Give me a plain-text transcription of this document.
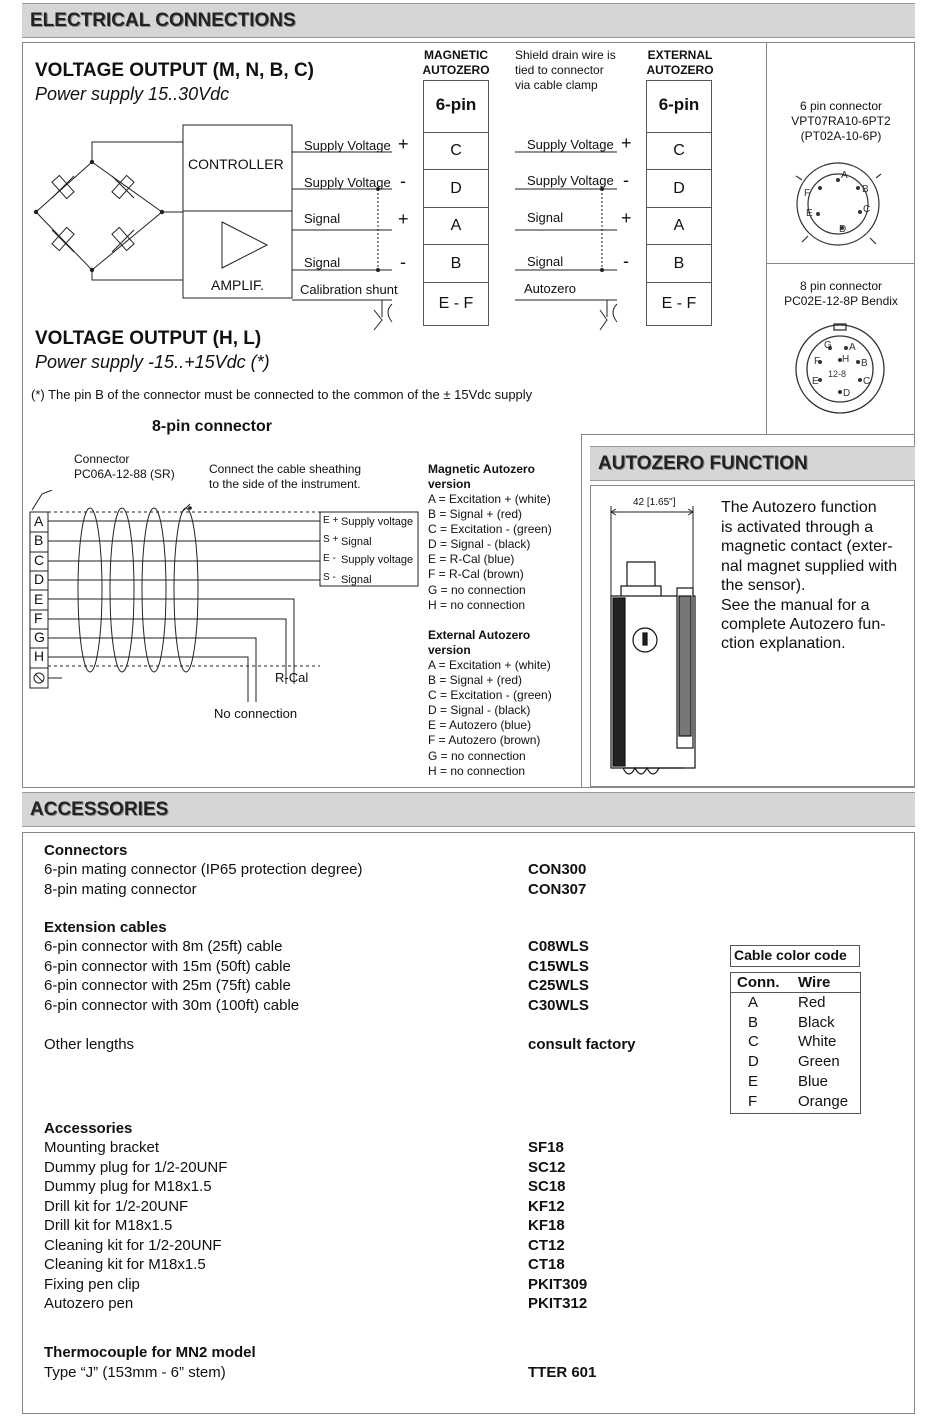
ELECTRICAL CONNECTIONS
VOLTAGE OUTPUT (M, N, B, C)
Power supply 15..30Vdc
CONTROLLER
AMPLIF.
Supply Voltage +
Supply Voltage -
Signal	+
Signal	-
Calibration shunt
Supply Voltage +
Supply Voltage -
Signal	+
Signal	-
Autozero
MAGNETIC
AUTOZERO
EXTERNAL
AUTOZERO
Shield drain wire is
tied to connector
via cable clamp
6-pin
C
D
A
B
E - F
6-pin
C
D
A
B
E - F
6 pin connector
VPT07RA10-6PT2
(PT02A-10-6P)
A
B
C
D
E
F
8 pin connector
PC02E-12-8P Bendix
G A
F H B
E	C
D
12-8
VOLTAGE OUTPUT (H, L)
Power supply -15..+15Vdc (*)
(*) The pin B of the connector must be connected to the common of the ± 15Vdc supply
8-pin connector
Connector
PC06A-12-88 (SR)	Connect the cable sheathing
to the side of the instrument.
A
B
C
D
E
F
G
H
E + Supply voltage
S + Signal
E - Supply voltage
S - Signal
R-Cal
No connection
Magnetic Autozero
version
A = Excitation + (white)
B = Signal + (red)
C = Excitation - (green)
D = Signal - (black)
E = R-Cal (blue)
F = R-Cal (brown)
G = no connection
H = no connection
External Autozero
version
A = Excitation + (white)
B = Signal + (red)
C = Excitation - (green)
D = Signal - (black)
E = Autozero (blue)
F = Autozero (brown)
G = no connection
H = no connection
AUTOZERO FUNCTION
42 [1.65"]	The Autozero function
is activated through a
magnetic contact (exter-
nal magnet supplied with
the sensor).
See the manual for a
complete Autozero fun-
ction explanation.
ACCESSORIES
Connectors
6-pin mating connector (IP65 protection degree)	CON300
8-pin mating connector	CON307
Extension cables
6-pin connector with 8m (25ft) cable	C08WLS
6-pin connector with 15m (50ft) cable	C15WLS
6-pin connector with 25m (75ft) cable	C25WLS
6-pin connector with 30m (100ft) cable	C30WLS
Other lengths	consult factory
Accessories
Mounting bracket	SF18
Dummy plug for 1/2-20UNF	SC12
Dummy plug for M18x1.5	SC18
Drill kit for 1/2-20UNF	KF12
Drill kit for M18x1.5	KF18
Cleaning kit for 1/2-20UNF	CT12
Cleaning kit for M18x1.5	CT18
Fixing pen clip	PKIT309
Autozero pen	PKIT312
Thermocouple for MN2 model
Type “J” (153mm - 6” stem)	TTER 601
Cable color code
Conn. Wire
A	Red
B	Black
C	White
D	Green
E	Blue
F	Orange
